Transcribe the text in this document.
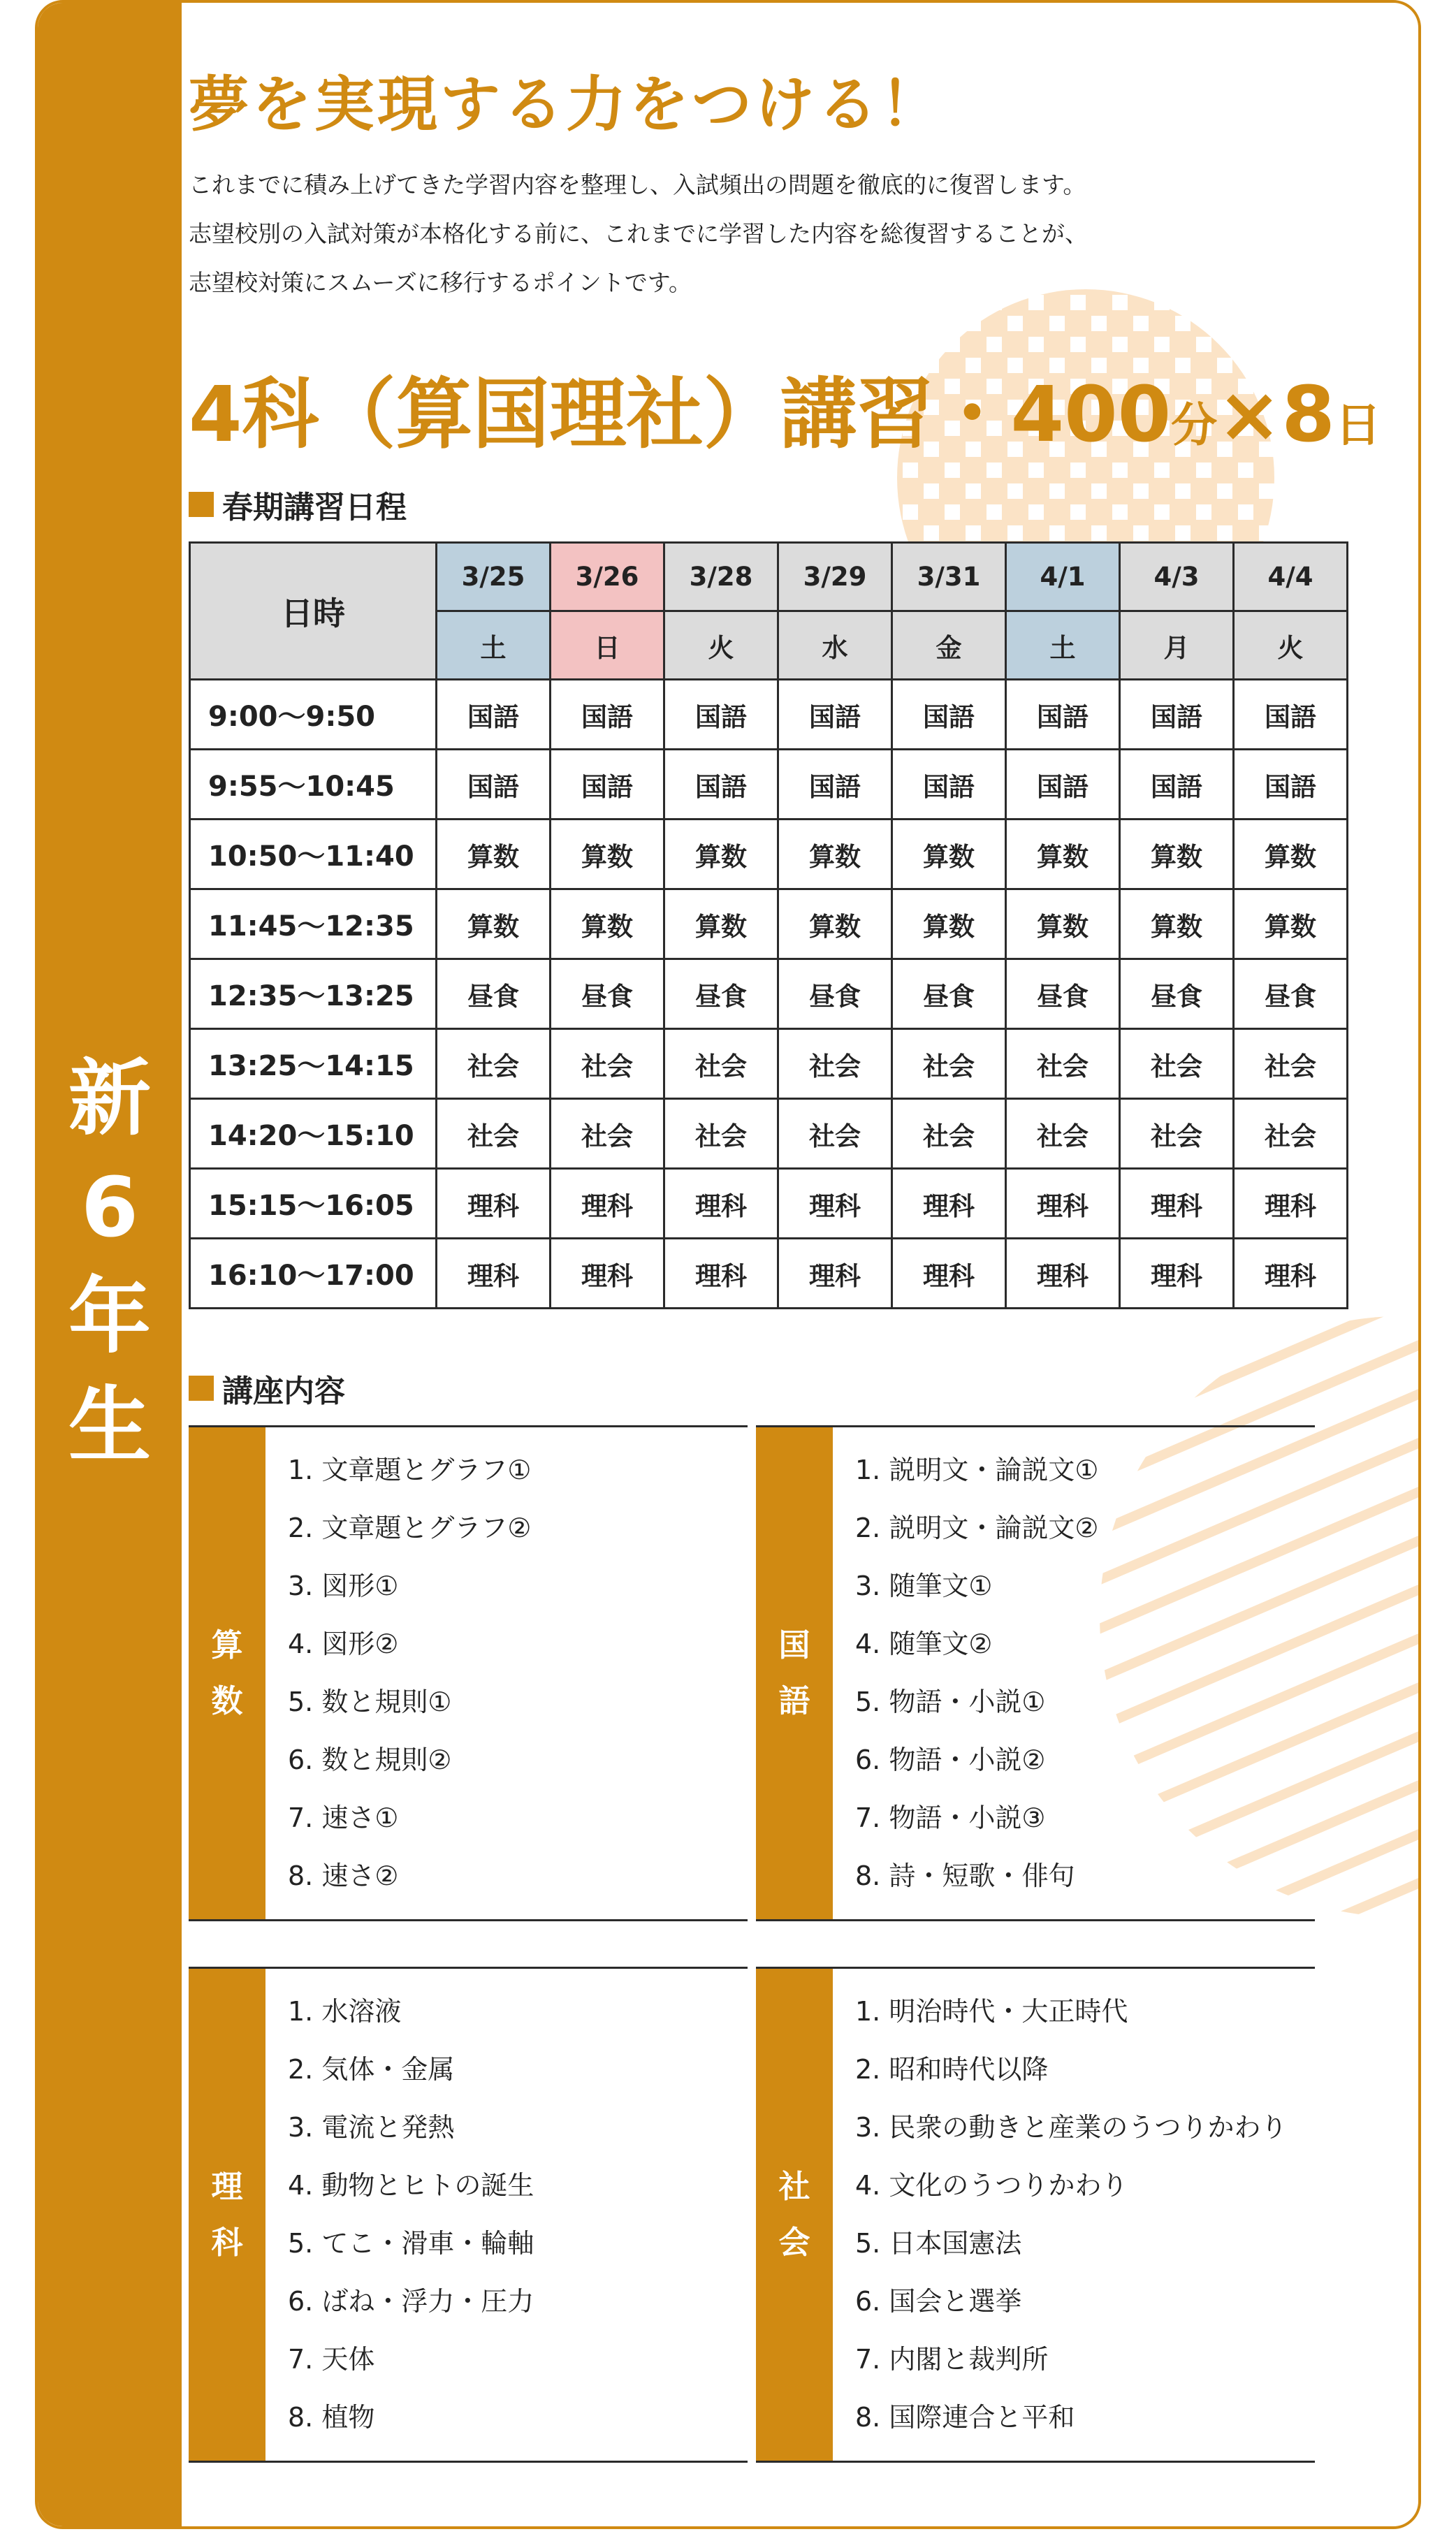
新
6
年
生
夢を実現する力をつける！
これまでに積み上げてきた学習内容を整理し、入試頻出の問題を徹底的に復習します。
志望校別の入試対策が本格化する前に、これまでに学習した内容を総復習することが、
志望校対策にスムーズに移行するポイントです。
4科（算国理社）講習・400分×8日
春期講習日程
日時	3/25	3/26	3/28	3/29	3/31	4/1	4/3	4/4
	土	日	火	水	金	土	月	火
9:00〜9:50	国語	国語	国語	国語	国語	国語	国語	国語
9:55〜10:45	国語	国語	国語	国語	国語	国語	国語	国語
10:50〜11:40	算数	算数	算数	算数	算数	算数	算数	算数
11:45〜12:35	算数	算数	算数	算数	算数	算数	算数	算数
12:35〜13:25	昼食	昼食	昼食	昼食	昼食	昼食	昼食	昼食
13:25〜14:15	社会	社会	社会	社会	社会	社会	社会	社会
14:20〜15:10	社会	社会	社会	社会	社会	社会	社会	社会
15:15〜16:05	理科	理科	理科	理科	理科	理科	理科	理科
16:10〜17:00	理科	理科	理科	理科	理科	理科	理科	理科
講座内容
算
数
1. 文章題とグラフ①
2. 文章題とグラフ②
3. 図形①
4. 図形②
5. 数と規則①
6. 数と規則②
7. 速さ①
8. 速さ②
国
語
1. 説明文・論説文①
2. 説明文・論説文②
3. 随筆文①
4. 随筆文②
5. 物語・小説①
6. 物語・小説②
7. 物語・小説③
8. 詩・短歌・俳句
理
科
1. 水溶液
2. 気体・金属
3. 電流と発熱
4. 動物とヒトの誕生
5. てこ・滑車・輪軸
6. ばね・浮力・圧力
7. 天体
8. 植物
社
会
1. 明治時代・大正時代
2. 昭和時代以降
3. 民衆の動きと産業のうつりかわり
4. 文化のうつりかわり
5. 日本国憲法
6. 国会と選挙
7. 内閣と裁判所
8. 国際連合と平和
